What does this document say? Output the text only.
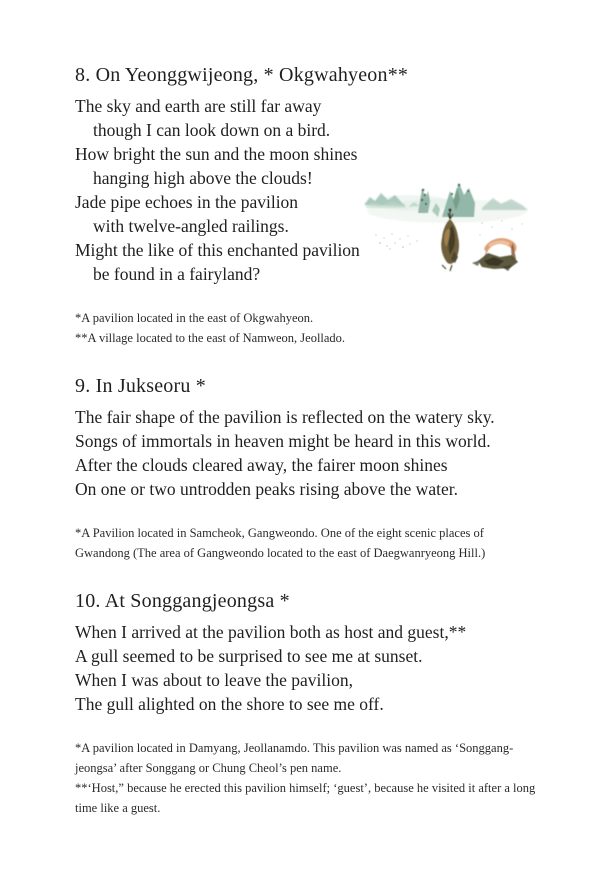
8. On Yeonggwijeong, * Okgwahyeon**

The sky and earth are still far away

though I can look down on a bird.

How bright the sun and the moon shines

hanging high above the clouds!

Jade pipe echoes in the pavilion

with twelve-angled railings.

Might the like of this enchanted pavilion

be found in a fairyland?

*A pavilion located in the east of Okgwahyeon.

**A village located to the east of Namweon, Jeollado.

9. In Jukseoru *

The fair shape of the pavilion is reflected on the watery sky.

Songs of immortals in heaven might be heard in this world.

After the clouds cleared away, the fairer moon shines

On one or two untrodden peaks rising above the water.

*A Pavilion located in Samcheok, Gangweondo. One of the eight scenic places of Gwandong (The area of Gangweondo located to the east of Daegwanryeong Hill.)

10. At Songgangjeongsa *

When I arrived at the pavilion both as host and guest,**

A gull seemed to be surprised to see me at sunset.

When I was about to leave the pavilion,

The gull alighted on the shore to see me off.

*A pavilion located in Damyang, Jeollanamdo. This pavilion was named as ‘Songgang-jeongsa’ after Songgang or Chung Cheol’s pen name.

**‘Host,” because he erected this pavilion himself; ‘guest’, because he visited it after a long time like a guest.
